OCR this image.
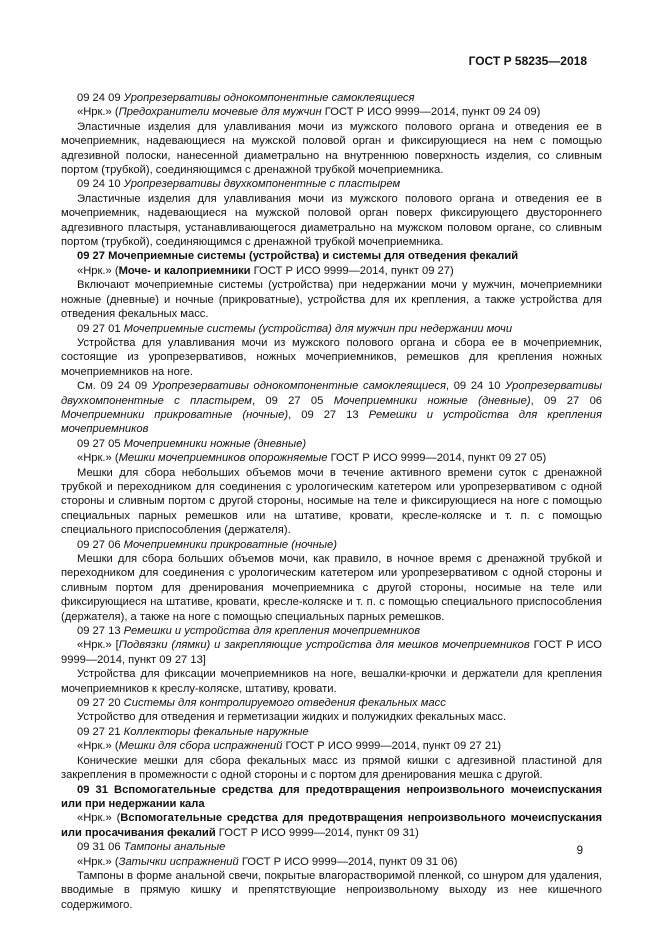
ГОСТ Р 58235—2018

09 24 09 Уропрезервативы однокомпонентные самоклеящиеся

«Нрк.» (Предохранители мочевые для мужчин ГОСТ Р ИСО 9999—2014, пункт 09 24 09)

Эластичные изделия для улавливания мочи из мужского полового органа и отведения ее в мочеприемник, надевающиеся на мужской половой орган и фиксирующиеся на нем с помощью адгезивной полоски, нанесенной диаметрально на внутреннюю поверхность изделия, со сливным портом (трубкой), соединяющимся с дренажной трубкой мочеприемника.

09 24 10 Уропрезервативы двухкомпонентные с пластырем

Эластичные изделия для улавливания мочи из мужского полового органа и отведения ее в мочеприемник, надевающиеся на мужской половой орган поверх фиксирующего двустороннего адгезивного пластыря, устанавливающегося диаметрально на мужском половом органе, со сливным портом (трубкой), соединяющимся с дренажной трубкой мочеприемника.

09 27 Мочеприемные системы (устройства) и системы для отведения фекалий

«Нрк.» (Моче- и калоприемники ГОСТ Р ИСО 9999—2014, пункт 09 27)

Включают мочеприемные системы (устройства) при недержании мочи у мужчин, мочеприемники ножные (дневные) и ночные (прикроватные), устройства для их крепления, а также устройства для отведения фекальных масс.

09 27 01 Мочеприемные системы (устройства) для мужчин при недержании мочи

Устройства для улавливания мочи из мужского полового органа и сбора ее в мочеприемник, состоящие из уропрезервативов, ножных мочеприемников, ремешков для крепления ножных мочеприемников на ноге.

См. 09 24 09 Уропрезервативы однокомпонентные самоклеящиеся, 09 24 10 Уропрезервативы двухкомпонентные с пластырем, 09 27 05 Мочеприемники ножные (дневные), 09 27 06 Мочеприемники прикроватные (ночные), 09 27 13 Ремешки и устройства для крепления мочеприемников

09 27 05 Мочеприемники ножные (дневные)

«Нрк.» (Мешки мочеприемников опорожняемые ГОСТ Р ИСО 9999—2014, пункт 09 27 05)

Мешки для сбора небольших объемов мочи в течение активного времени суток с дренажной трубкой и переходником для соединения с урологическим катетером или уропрезервативом с одной стороны и сливным портом с другой стороны, носимые на теле и фиксирующиеся на ноге с помощью специальных парных ремешков или на штативе, кровати, кресле-коляске и т. п. с помощью специального приспособления (держателя).

09 27 06 Мочеприемники прикроватные (ночные)

Мешки для сбора больших объемов мочи, как правило, в ночное время с дренажной трубкой и переходником для соединения с урологическим катетером или уропрезервативом с одной стороны и сливным портом для дренирования мочеприемника с другой стороны, носимые на теле или фиксирующиеся на штативе, кровати, кресле-коляске и т. п. с помощью специального приспособления (держателя), а также на ноге с помощью специальных парных ремешков.

09 27 13 Ремешки и устройства для крепления мочеприемников

«Нрк.» [Подвязки (лямки) и закрепляющие устройства для мешков мочеприемников ГОСТ Р ИСО 9999—2014, пункт 09 27 13]

Устройства для фиксации мочеприемников на ноге, вешалки-крючки и держатели для крепления мочеприемников к креслу-коляске, штативу, кровати.

09 27 20 Системы для контролируемого отведения фекальных масс

Устройство для отведения и герметизации жидких и полужидких фекальных масс.

09 27 21 Коллекторы фекальные наружные

«Нрк.» (Мешки для сбора испражнений ГОСТ Р ИСО 9999—2014, пункт 09 27 21)

Конические мешки для сбора фекальных масс из прямой кишки с адгезивной пластиной для закрепления в промежности с одной стороны и с портом для дренирования мешка с другой.

09 31 Вспомогательные средства для предотвращения непроизвольного мочеиспускания или при недержании кала

«Нрк.» (Вспомогательные средства для предотвращения непроизвольного мочеиспускания или просачивания фекалий ГОСТ Р ИСО 9999—2014, пункт 09 31)

09 31 06 Тампоны анальные

«Нрк.» (Затычки испражнений ГОСТ Р ИСО 9999—2014, пункт 09 31 06)

Тампоны в форме анальной свечи, покрытые влагорастворимой пленкой, со шнуром для удаления, вводимые в прямую кишку и препятствующие непроизвольному выходу из нее кишечного содержимого.

9
